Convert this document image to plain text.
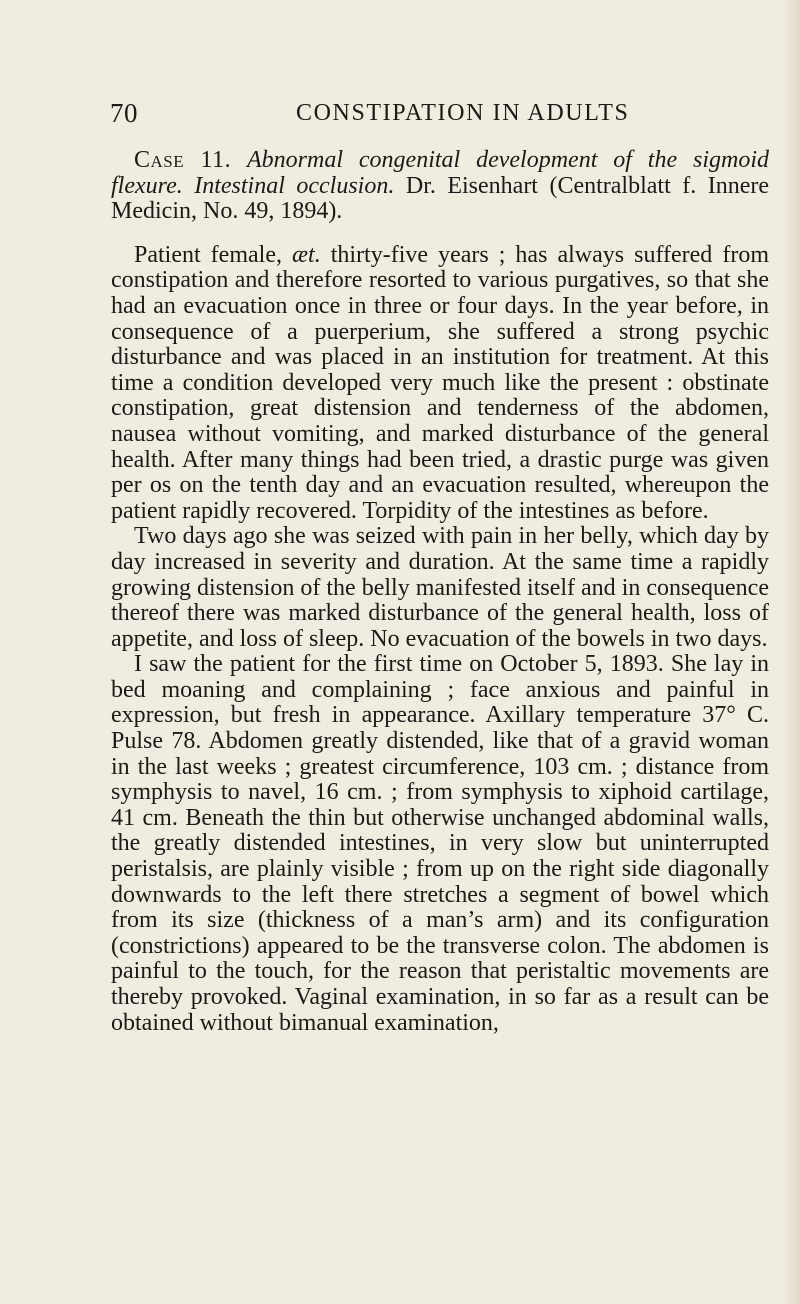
70	CONSTIPATION IN ADULTS

Case 11. Abnormal congenital development of the sigmoid flexure. Intestinal occlusion. Dr. Eisenhart (Centralblatt f. Innere Medicin, No. 49, 1894).

Patient female, æt. thirty-five years ; has always suffered from constipation and therefore resorted to various purgatives, so that she had an evacuation once in three or four days. In the year before, in consequence of a puerperium, she suffered a strong psychic disturbance and was placed in an institution for treatment. At this time a condition developed very much like the present : obstinate constipation, great distension and tenderness of the abdomen, nausea without vomiting, and marked disturbance of the general health. After many things had been tried, a drastic purge was given per os on the tenth day and an evacuation resulted, whereupon the patient rapidly recovered. Torpidity of the intestines as before.

Two days ago she was seized with pain in her belly, which day by day increased in severity and duration. At the same time a rapidly growing distension of the belly manifested itself and in consequence thereof there was marked disturbance of the general health, loss of appetite, and loss of sleep. No evacuation of the bowels in two days.

I saw the patient for the first time on October 5, 1893. She lay in bed moaning and complaining ; face anxious and painful in expression, but fresh in appearance. Axillary temperature 37° C. Pulse 78. Abdomen greatly distended, like that of a gravid woman in the last weeks ; greatest circumference, 103 cm. ; distance from symphysis to navel, 16 cm. ; from symphysis to xiphoid cartilage, 41 cm. Beneath the thin but otherwise unchanged abdominal walls, the greatly distended intestines, in very slow but uninterrupted peristalsis, are plainly visible ; from up on the right side diagonally downwards to the left there stretches a segment of bowel which from its size (thickness of a man’s arm) and its configuration (constrictions) appeared to be the transverse colon. The abdomen is painful to the touch, for the reason that peristaltic movements are thereby provoked. Vaginal examination, in so far as a result can be obtained without bimanual examination,
